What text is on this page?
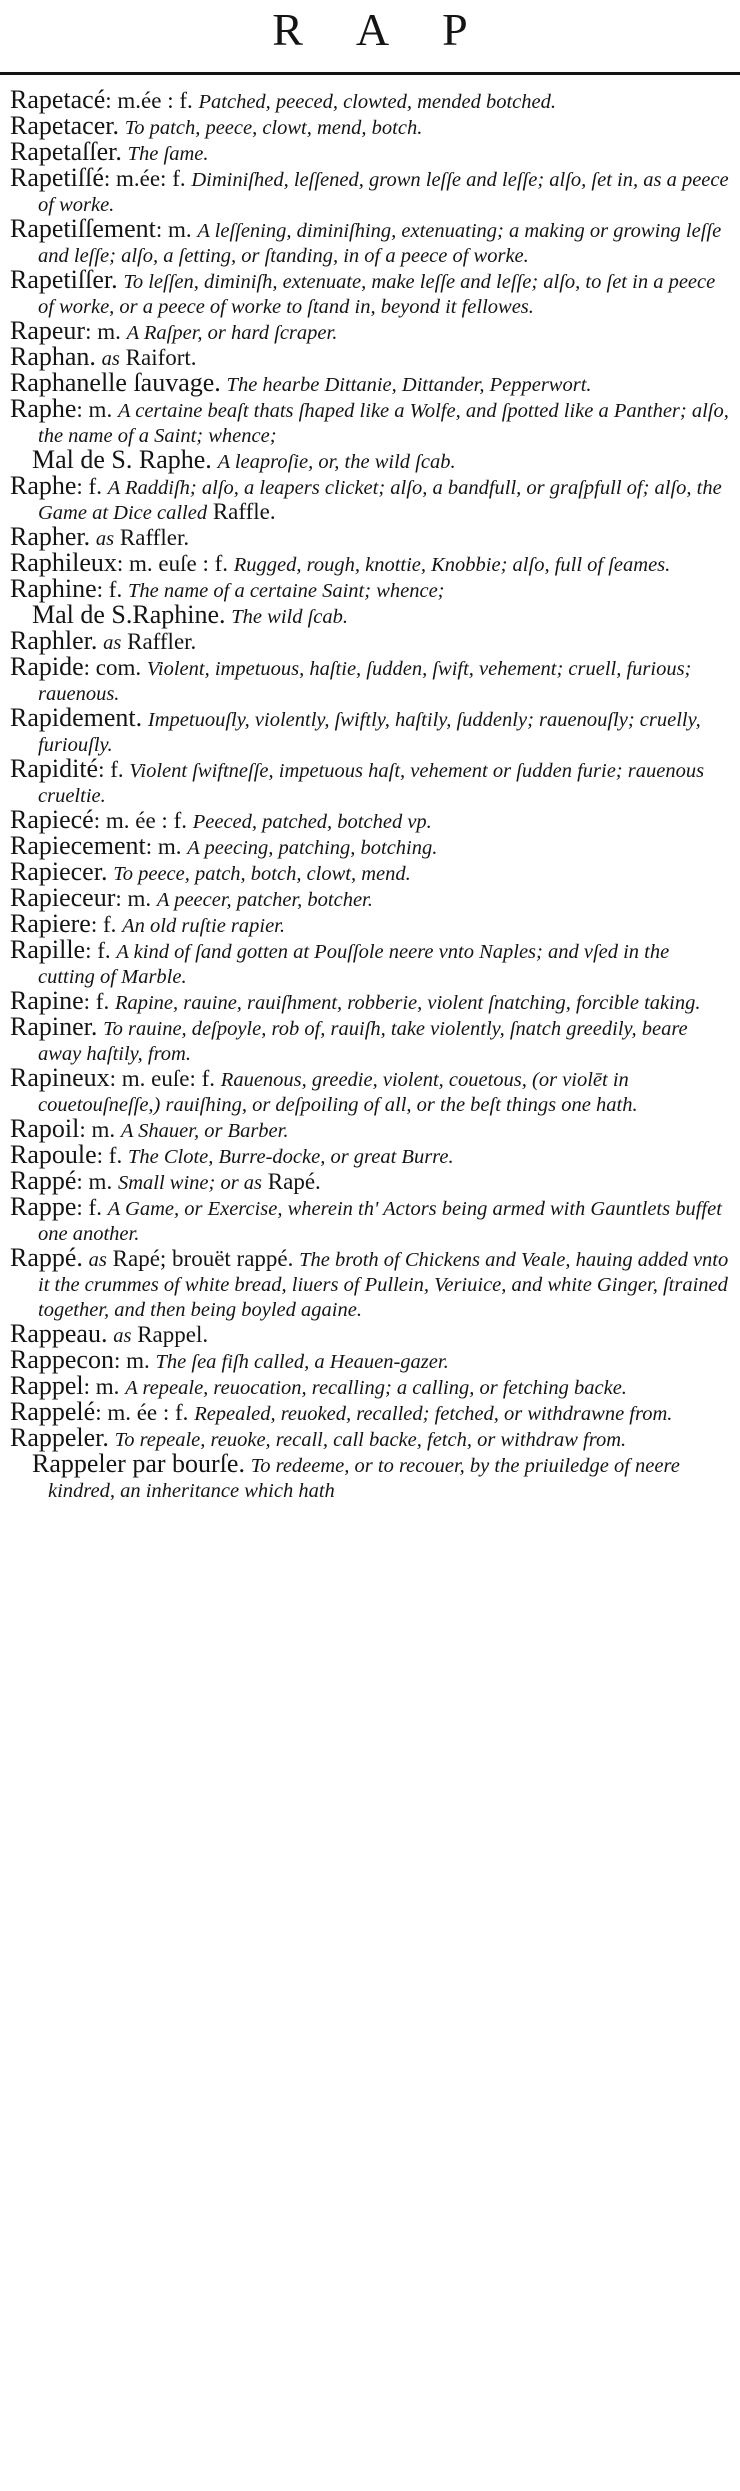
R A P

Rapetacé: m.ée : f. Patched, peeced, clowted, mended botched.

Rapetacer. To patch, peece, clowt, mend, botch.

Rapetaſſer. The ſame.

Rapetiſſé: m.ée: f. Diminiſhed, leſſened, grown leſſe and leſſe; alſo, ſet in, as a peece of worke.

Rapetiſſement: m. A leſſening, diminiſhing, extenuating; a making or growing leſſe and leſſe; alſo, a ſetting, or ſtanding, in of a peece of worke.

Rapetiſſer. To leſſen, diminiſh, extenuate, make leſſe and leſſe; alſo, to ſet in a peece of worke, or a peece of worke to ſtand in, beyond it fellowes.

Rapeur: m. A Raſper, or hard ſcraper.

Raphan. as Raifort.

Raphanelle ſauvage. The hearbe Dittanie, Dittander, Pepperwort.

Raphe: m. A certaine beaſt thats ſhaped like a Wolfe, and ſpotted like a Panther; alſo, the name of a Saint; whence;

Mal de S. Raphe. A leaproſie, or, the wild ſcab.

Raphe: f. A Raddiſh; alſo, a leapers clicket; alſo, a bandfull, or graſpfull of; alſo, the Game at Dice called Raffle.

Rapher. as Raffler.

Raphileux: m. euſe : f. Rugged, rough, knottie, Knobbie; alſo, full of ſeames.

Raphine: f. The name of a certaine Saint; whence;

Mal de S.Raphine. The wild ſcab.

Raphler. as Raffler.

Rapide: com. Violent, impetuous, haſtie, ſudden, ſwift, vehement; cruell, furious; rauenous.

Rapidement. Impetuouſly, violently, ſwiftly, haſtily, ſuddenly; rauenouſly; cruelly, furiouſly.

Rapidité: f. Violent ſwiftneſſe, impetuous haſt, vehement or ſudden furie; rauenous crueltie.

Rapiecé: m. ée : f. Peeced, patched, botched vp.

Rapiecement: m. A peecing, patching, botching.

Rapiecer. To peece, patch, botch, clowt, mend.

Rapieceur: m. A peecer, patcher, botcher.

Rapiere: f. An old ruſtie rapier.

Rapille: f. A kind of ſand gotten at Pouſſole neere vnto Naples; and vſed in the cutting of Marble.

Rapine: f. Rapine, rauine, rauiſhment, robberie, violent ſnatching, forcible taking.

Rapiner. To rauine, deſpoyle, rob of, rauiſh, take violently, ſnatch greedily, beare away haſtily, from.

Rapineux: m. euſe: f. Rauenous, greedie, violent, couetous, (or violēt in couetouſneſſe,) rauiſhing, or deſpoiling of all, or the beſt things one hath.

Rapoil: m. A Shauer, or Barber.

Rapoule: f. The Clote, Burre-docke, or great Burre.

Rappé: m. Small wine; or as Rapé.

Rappe: f. A Game, or Exercise, wherein th' Actors being armed with Gauntlets buffet one another.

Rappé. as Rapé; brouët rappé. The broth of Chickens and Veale, hauing added vnto it the crummes of white bread, liuers of Pullein, Veriuice, and white Ginger, ſtrained together, and then being boyled againe.

Rappeau. as Rappel.

Rappecon: m. The ſea fiſh called, a Heauen-gazer.

Rappel: m. A repeale, reuocation, recalling; a calling, or fetching backe.

Rappelé: m. ée : f. Repealed, reuoked, recalled; fetched, or withdrawne from.

Rappeler. To repeale, reuoke, recall, call backe, fetch, or withdraw from.

Rappeler par bourſe. To redeeme, or to recouer, by the priuiledge of neere kindred, an inheritance which hath
